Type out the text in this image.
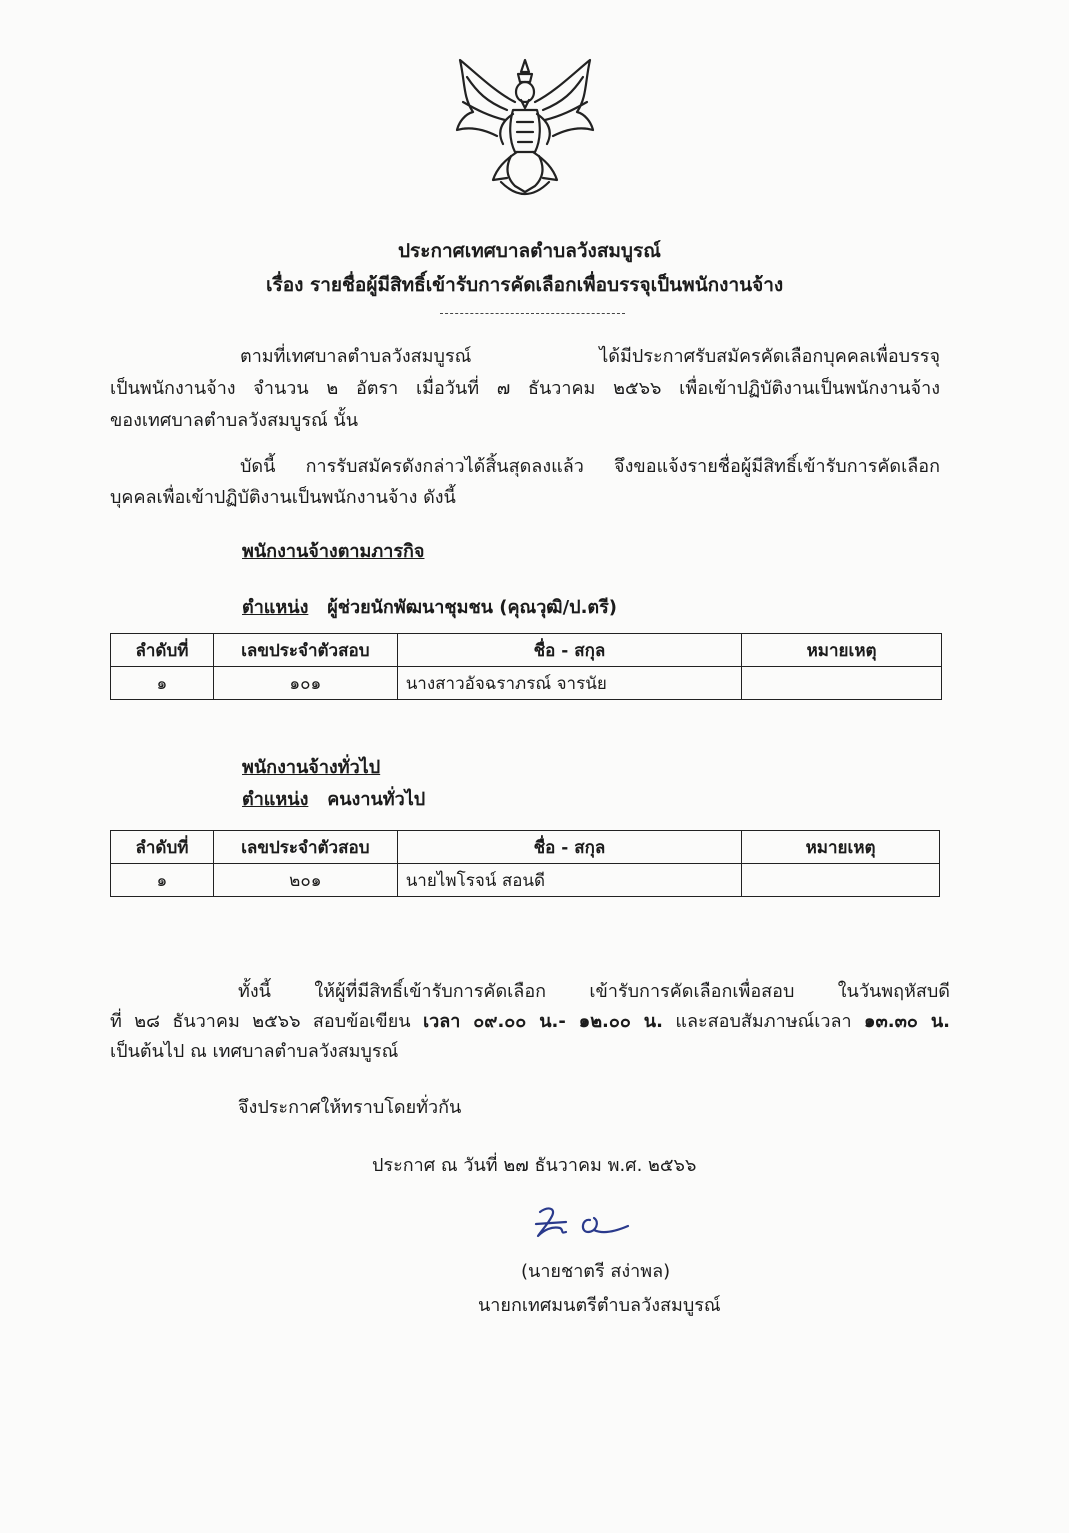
ประกาศเทศบาลตำบลวังสมบูรณ์
เรื่อง รายชื่อผู้มีสิทธิ์เข้ารับการคัดเลือกเพื่อบรรจุเป็นพนักงานจ้าง
ตามที่เทศบาลตำบลวังสมบูรณ์ ได้มีประกาศรับสมัครคัดเลือกบุคคลเพื่อบรรจุ
เป็นพนักงานจ้าง จำนวน ๒ อัตรา เมื่อวันที่ ๗ ธันวาคม ๒๕๖๖ เพื่อเข้าปฏิบัติงานเป็นพนักงานจ้าง
ของเทศบาลตำบลวังสมบูรณ์ นั้น
บัดนี้ การรับสมัครดังกล่าวได้สิ้นสุดลงแล้ว จึงขอแจ้งรายชื่อผู้มีสิทธิ์เข้ารับการคัดเลือก
บุคคลเพื่อเข้าปฏิบัติงานเป็นพนักงานจ้าง ดังนี้
พนักงานจ้างตามภารกิจ
ตำแหน่ง ผู้ช่วยนักพัฒนาชุมชน (คุณวุฒิ/ป.ตรี)
ลำดับที่	เลขประจำตัวสอบ	ชื่อ - สกุล	หมายเหตุ
๑	๑๐๑	นางสาวอัจฉราภรณ์ จารนัย	
พนักงานจ้างทั่วไป
ตำแหน่ง คนงานทั่วไป
ลำดับที่	เลขประจำตัวสอบ	ชื่อ - สกุล	หมายเหตุ
๑	๒๐๑	นายไพโรจน์ สอนดี	
ทั้งนี้ ให้ผู้ที่มีสิทธิ์เข้ารับการคัดเลือก เข้ารับการคัดเลือกเพื่อสอบ ในวันพฤหัสบดี
ที่ ๒๘ ธันวาคม ๒๕๖๖ สอบข้อเขียน เวลา ๐๙.๐๐ น.- ๑๒.๐๐ น. และสอบสัมภาษณ์เวลา ๑๓.๓๐ น.
เป็นต้นไป ณ เทศบาลตำบลวังสมบูรณ์
จึงประกาศให้ทราบโดยทั่วกัน
ประกาศ ณ วันที่ ๒๗ ธันวาคม พ.ศ. ๒๕๖๖
(นายชาตรี สง่าพล)
นายกเทศมนตรีตำบลวังสมบูรณ์
